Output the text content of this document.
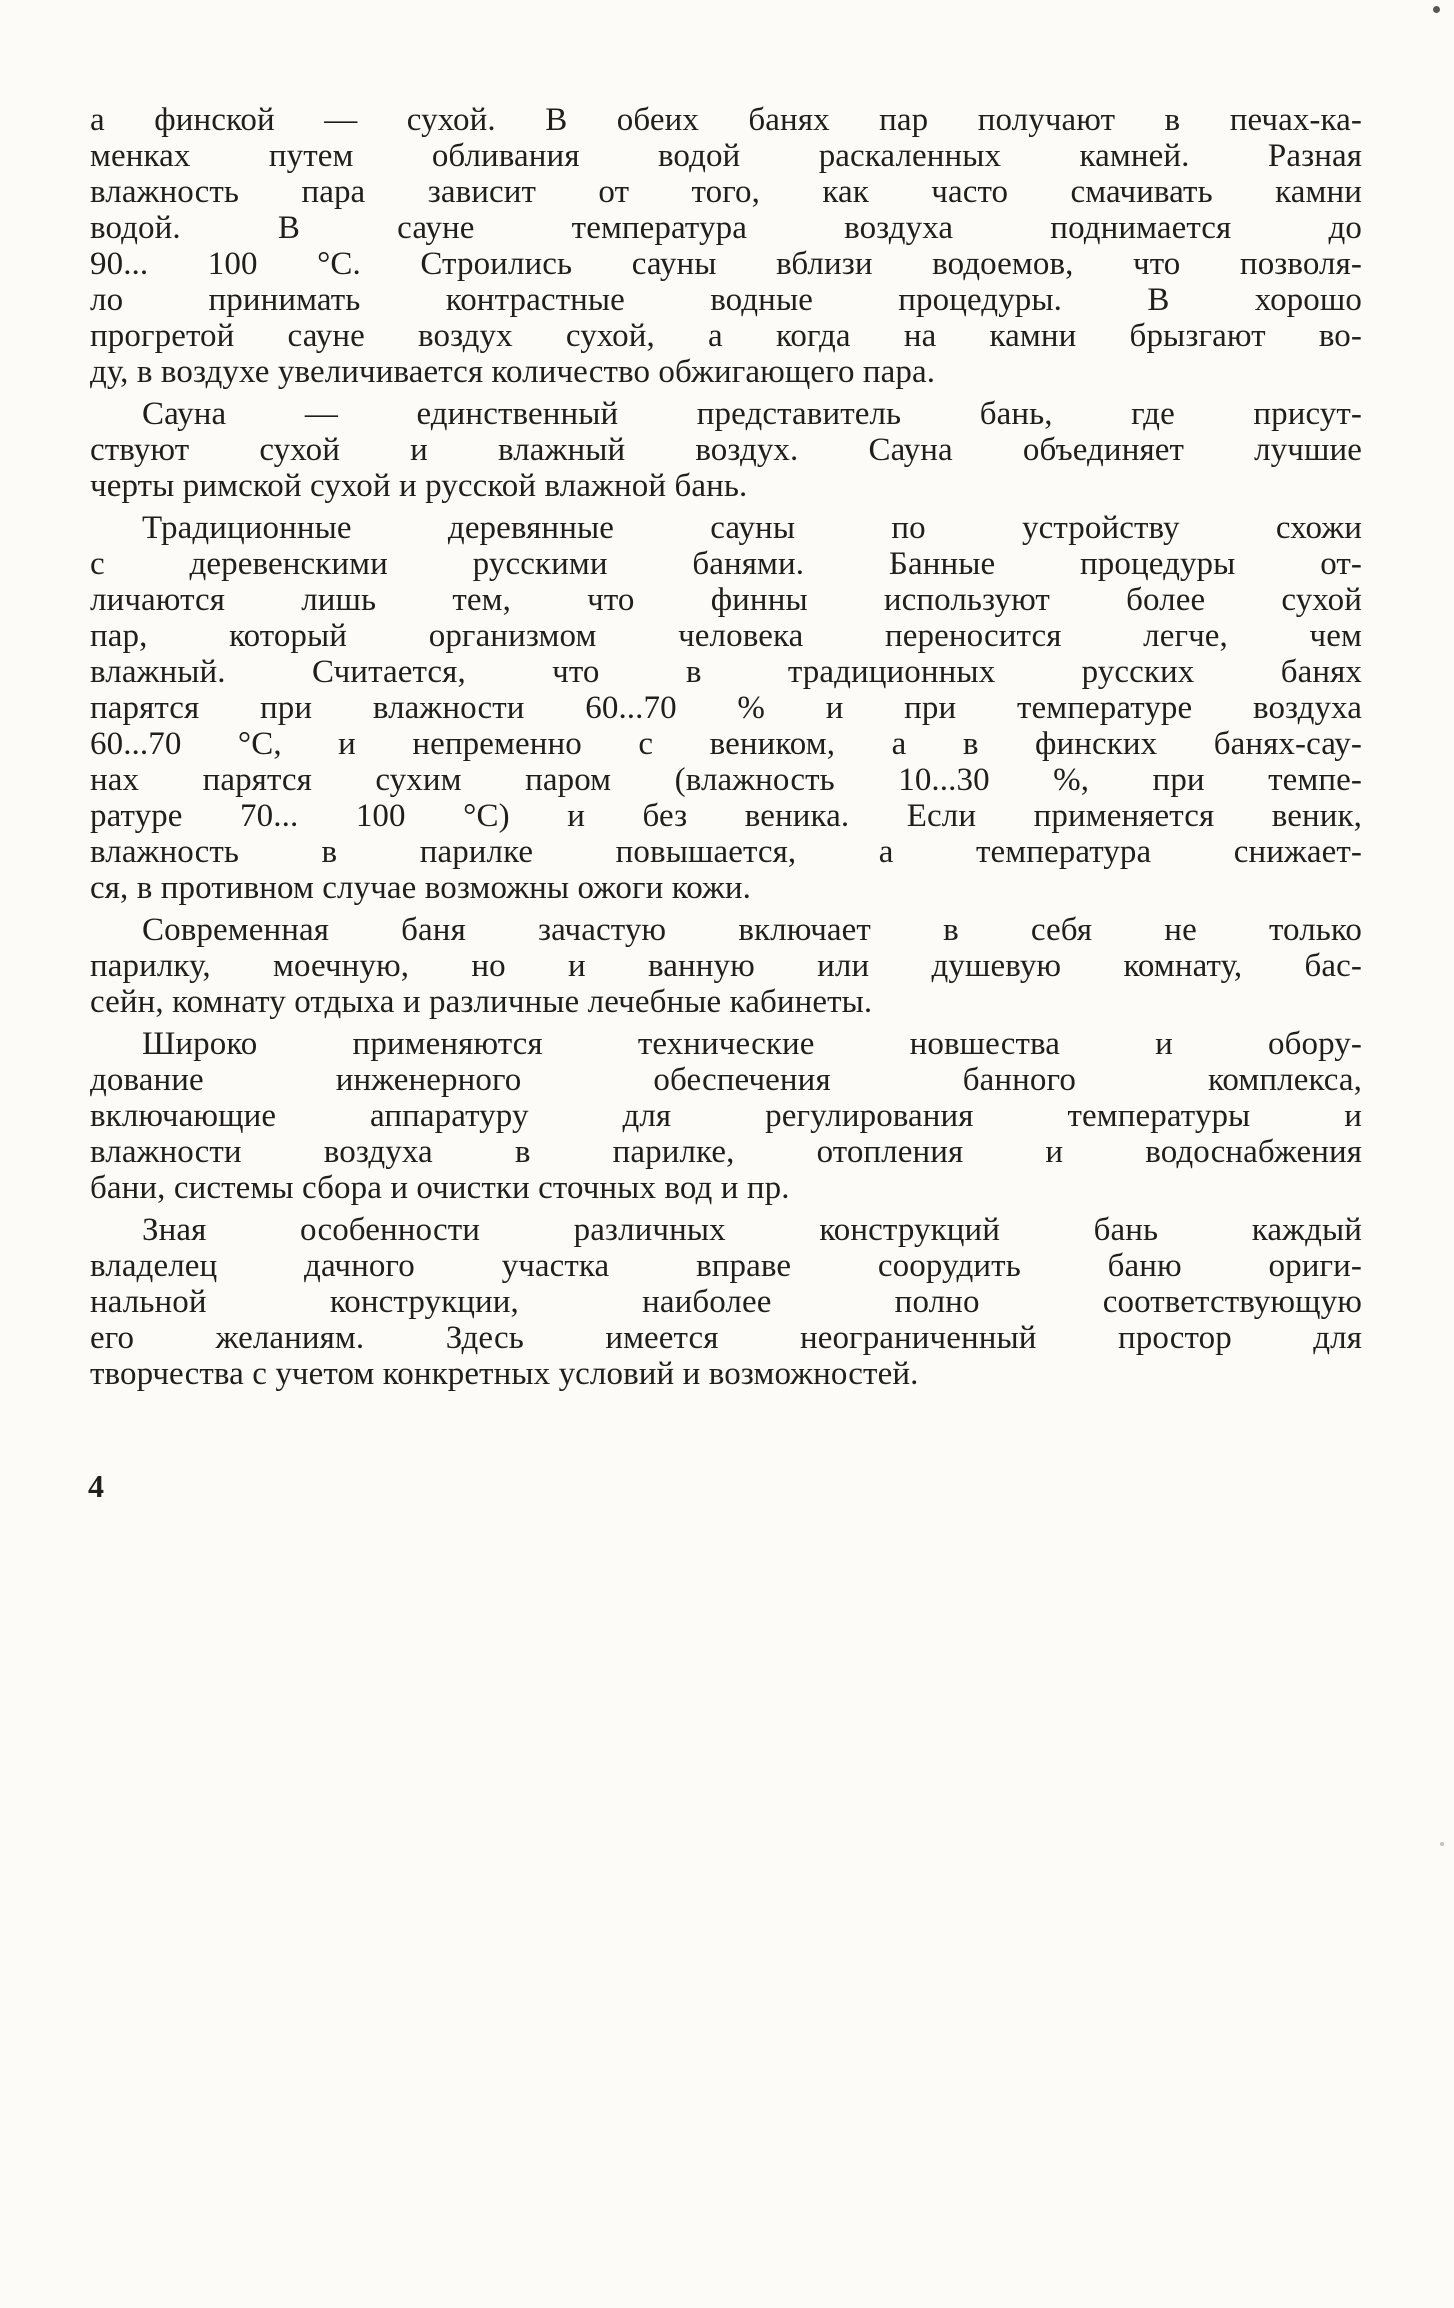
а финской — сухой. В обеих банях пар получают в печах-ка-
менках путем обливания водой раскаленных камней. Разная
влажность пара зависит от того, как часто смачивать камни
водой. В сауне температура воздуха поднимается до
90... 100 °С. Строились сауны вблизи водоемов, что позволя-
ло принимать контрастные водные процедуры. В хорошо
прогретой сауне воздух сухой, а когда на камни брызгают во-
ду, в воздухе увеличивается количество обжигающего пара.
Сауна — единственный представитель бань, где присут-
ствуют сухой и влажный воздух. Сауна объединяет лучшие
черты римской сухой и русской влажной бань.
Традиционные деревянные сауны по устройству схожи
с деревенскими русскими банями. Банные процедуры от-
личаются лишь тем, что финны используют более сухой
пар, который организмом человека переносится легче, чем
влажный. Считается, что в традиционных русских банях
парятся при влажности 60...70 % и при температуре воздуха
60...70 °С, и непременно с веником, а в финских банях-сау-
нах парятся сухим паром (влажность 10...30 %, при темпе-
ратуре 70... 100 °С) и без веника. Если применяется веник,
влажность в парилке повышается, а температура снижает-
ся, в противном случае возможны ожоги кожи.
Современная баня зачастую включает в себя не только
парилку, моечную, но и ванную или душевую комнату, бас-
сейн, комнату отдыха и различные лечебные кабинеты.
Широко применяются технические новшества и обору-
дование инженерного обеспечения банного комплекса,
включающие аппаратуру для регулирования температуры и
влажности воздуха в парилке, отопления и водоснабжения
бани, системы сбора и очистки сточных вод и пр.
Зная особенности различных конструкций бань каждый
владелец дачного участка вправе соорудить баню ориги-
нальной конструкции, наиболее полно соответствующую
его желаниям. Здесь имеется неограниченный простор для
творчества с учетом конкретных условий и возможностей.
4
